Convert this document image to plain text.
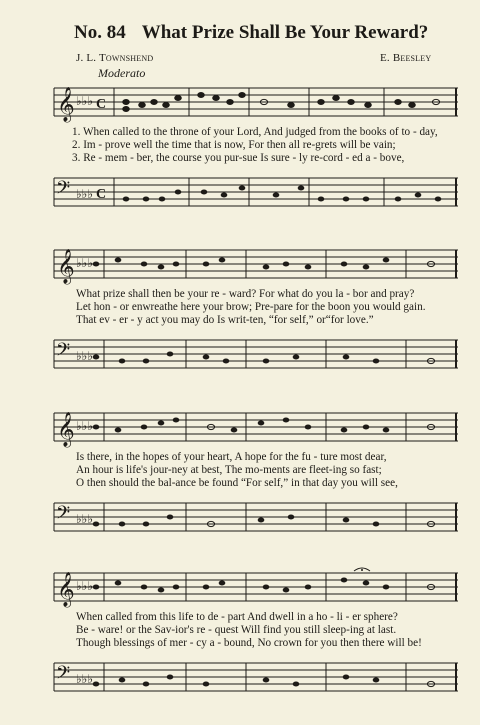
No. 84 What Prize Shall Be Your Reward?
J. L. Townshend	E. Beesley
Moderato
𝄞 ♭♭♭ C
1. When called to the throne of your Lord, And judged from the books of to - day,
2. Im - prove well the time that is now, For then all re-grets will be vain;
3. Re - mem - ber, the course you pur-sue Is sure - ly re-cord - ed a - bove,
𝄢 ♭♭♭ C
𝄞 ♭♭♭
What prize shall then be your re - ward? For what do you la - bor and pray?
Let hon - or enwreathe here your brow; Pre-pare for the boon you would gain.
That ev - er - y act you may do Is writ-ten, “for self,” or“for love.”
𝄢 ♭♭♭
𝄞 ♭♭♭
Is there, in the hopes of your heart, A hope for the fu - ture most dear,
An hour is life's jour-ney at best, The mo-ments are fleet-ing so fast;
O then should the bal-ance be found “For self,” in that day you will see,
𝄢 ♭♭♭
𝄞 ♭♭♭
When called from this life to de - part And dwell in a ho - li - er sphere?
Be - ware! or the Sav-ior's re - quest Will find you still sleep-ing at last.
Though blessings of mer - cy a - bound, No crown for you then there will be!
𝄢 ♭♭♭
